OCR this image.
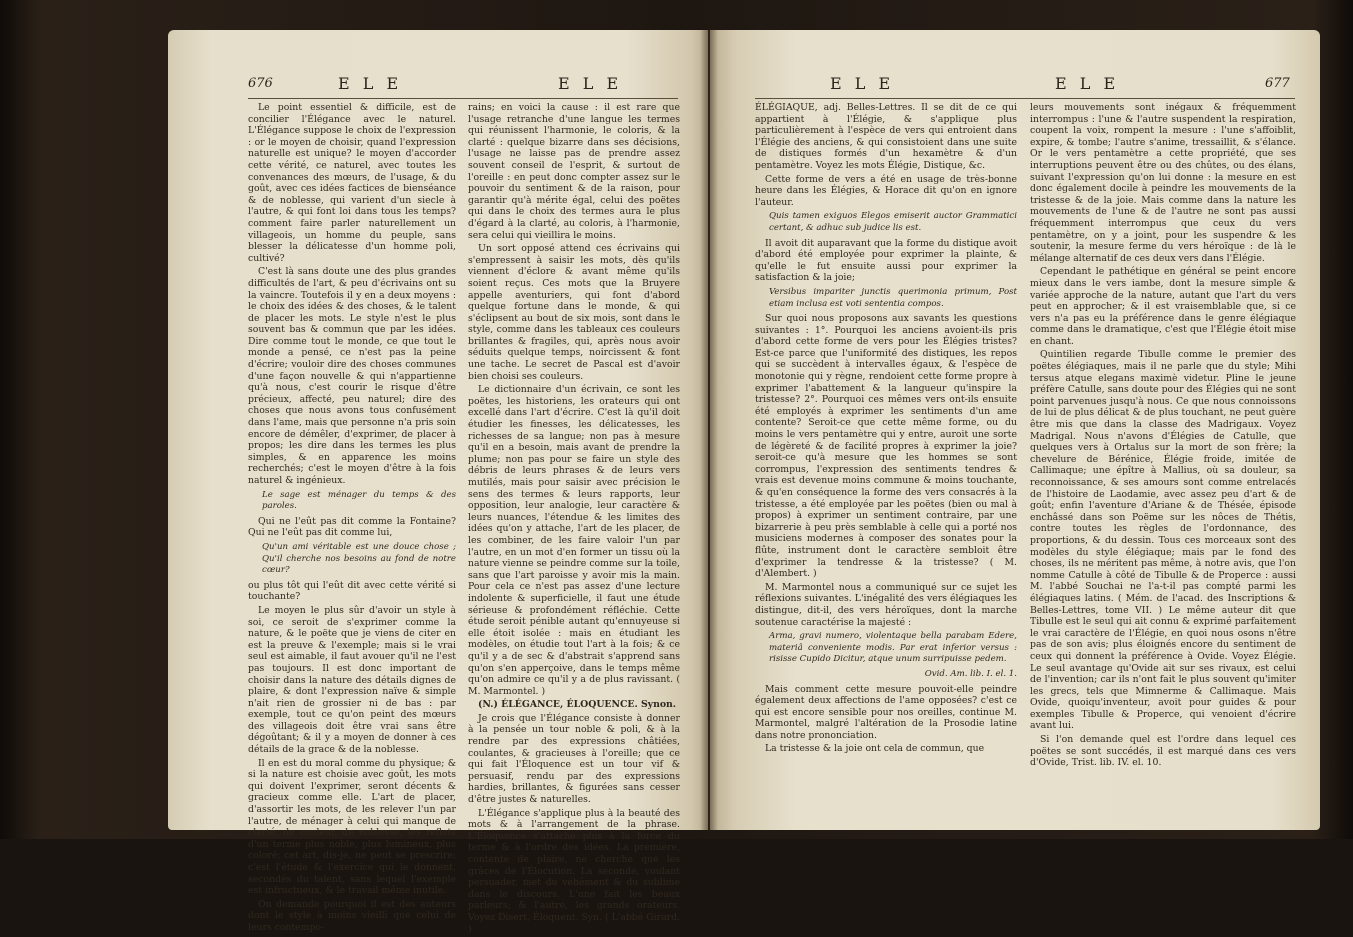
676	E L E	E L E

Le point essentiel & difficile, est de concilier l'Élégance avec le naturel. L'Élégance suppose le choix de l'expression : or le moyen de choisir, quand l'expression naturelle est unique? le moyen d'accorder cette vérité, ce naturel, avec toutes les convenances des mœurs, de l'usage, & du goût, avec ces idées factices de bienséance & de noblesse, qui varient d'un siecle à l'autre, & qui font loi dans tous les temps? comment faire parler naturellement un villageois, un homme du peuple, sans blesser la délicatesse d'un homme poli, cultivé?

C'est là sans doute une des plus grandes difficultés de l'art, & peu d'écrivains ont su la vaincre. Toutefois il y en a deux moyens : le choix des idées & des choses, & le talent de placer les mots. Le style n'est le plus souvent bas & commun que par les idées. Dire comme tout le monde, ce que tout le monde a pensé, ce n'est pas la peine d'écrire; vouloir dire des choses communes d'une façon nouvelle & qui n'appartienne qu'à nous, c'est courir le risque d'être précieux, affecté, peu naturel; dire des choses que nous avons tous confusément dans l'ame, mais que personne n'a pris soin encore de démêler, d'exprimer, de placer à propos; les dire dans les termes les plus simples, & en apparence les moins recherchés; c'est le moyen d'être à la fois naturel & ingénieux.

Le sage est ménager du temps & des paroles.

Qui ne l'eût pas dit comme la Fontaine? Qui ne l'eût pas dit comme lui,

Qu'un ami véritable est une douce chose ; Qu'il cherche nos besoins au fond de notre cœur?

ou plus tôt qui l'eût dit avec cette vérité si touchante?

Le moyen le plus sûr d'avoir un style à soi, ce seroit de s'exprimer comme la nature, & le poëte que je viens de citer en est la preuve & l'exemple; mais si le vrai seul est aimable, il faut avouer qu'il ne l'est pas toujours. Il est donc important de choisir dans la nature des détails dignes de plaire, & dont l'expression naïve & simple n'ait rien de grossier ni de bas : par exemple, tout ce qu'on peint des mœurs des villageois doit être vrai sans être dégoûtant; & il y a moyen de donner à ces détails de la grace & de la noblesse.

Il en est du moral comme du physique; & si la nature est choisie avec goût, les mots qui doivent l'exprimer, seront décents & gracieux comme elle. L'art de placer, d'assortir les mots, de les relever l'un par l'autre, de ménager à celui qui manque de clarté, de couleur, de noblesse, les reflets d'un terme plus noble, plus lumineux, plus coloré; cet art, dis-je, ne peut se prescrire; c'est l'étude & l'exercice qui le donnent, secondés du talent, sans lequel l'exemple est infructueux, & le travail même inutile.

On demande pourquoi il est des auteurs dont le style à moins vieilli que celui de leurs contempo-

rains; en voici la cause : il est rare que l'usage retranche d'une langue les termes qui réunissent l'harmonie, le coloris, & la clarté : quelque bizarre dans ses décisions, l'usage ne laisse pas de prendre assez souvent conseil de l'esprit, & surtout de l'oreille : en peut donc compter assez sur le pouvoir du sentiment & de la raison, pour garantir qu'à mérite égal, celui des poëtes qui dans le choix des termes aura le plus d'égard à la clarté, au coloris, à l'harmonie, sera celui qui vieillira le moins.

Un sort opposé attend ces écrivains qui s'empressent à saisir les mots, dès qu'ils viennent d'éclore & avant même qu'ils soient reçus. Ces mots que la Bruyere appelle aventuriers, qui font d'abord quelque fortune dans le monde, & qui s'éclipsent au bout de six mois, sont dans le style, comme dans les tableaux ces couleurs brillantes & fragiles, qui, après nous avoir séduits quelque temps, noircissent & font une tache. Le secret de Pascal est d'avoir bien choisi ses couleurs.

Le dictionnaire d'un écrivain, ce sont les poëtes, les historiens, les orateurs qui ont excellé dans l'art d'écrire. C'est là qu'il doit étudier les finesses, les délicatesses, les richesses de sa langue; non pas à mesure qu'il en a besoin, mais avant de prendre la plume; non pas pour se faire un style des débris de leurs phrases & de leurs vers mutilés, mais pour saisir avec précision le sens des termes & leurs rapports, leur opposition, leur analogie, leur caractère & leurs nuances, l'étendue & les limites des idées qu'on y attache, l'art de les placer, de les combiner, de les faire valoir l'un par l'autre, en un mot d'en former un tissu où la nature vienne se peindre comme sur la toile, sans que l'art paroisse y avoir mis la main. Pour cela ce n'est pas assez d'une lecture indolente & superficielle, il faut une étude sérieuse & profondément réfléchie. Cette étude seroit pénible autant qu'ennuyeuse si elle étoit isolée : mais en étudiant les modèles, on étudie tout l'art à la fois; & ce qu'il y a de sec & d'abstrait s'apprend sans qu'on s'en apperçoive, dans le temps même qu'on admire ce qu'il y a de plus ravissant. ( M. Marmontel. )

(N.) ÉLÉGANCE, ÉLOQUENCE. Synon.

Je crois que l'Élégance consiste à donner à la pensée un tour noble & poli, & à la rendre par des expressions châtiées, coulantes, & gracieuses à l'oreille; que ce qui fait l'Éloquence est un tour vif & persuasif, rendu par des expressions hardies, brillantes, & figurées sans cesser d'être justes & naturelles.

L'Élégance s'applique plus à la beauté des mots & à l'arrangement de la phrase. L'Éloquence s'attache plus à la force du terme & à l'ordre des idées. La première, contente de plaire, ne cherche que les grâces de l'Élocution. La seconde, voulant persuader, met du véhément & du sublime dans le discours. L'une fait les beaux parleurs; & l'autre, les grands orateurs. Voyez Disert, Éloquent. Syn. ( L'abbé Girard. )

E L E	E L E	677

ÉLÉGIAQUE, adj. Belles-Lettres. Il se dit de ce qui appartient à l'Élégie, & s'applique plus particulièrement à l'espèce de vers qui entroient dans l'Élégie des anciens, & qui consistoient dans une suite de distiques formés d'un hexamètre & d'un pentamètre. Voyez les mots Élégie, Distique, &c.

Cette forme de vers a été en usage de très-bonne heure dans les Élégies, & Horace dit qu'on en ignore l'auteur.

Quis tamen exiguos Elegos emiserit auctor Grammatici certant, & adhuc sub judice lis est.

Il avoit dit auparavant que la forme du distique avoit d'abord été employée pour exprimer la plainte, & qu'elle le fut ensuite aussi pour exprimer la satisfaction & la joie;

Versibus impariter junctis querimonia primum, Post etiam inclusa est voti sententia compos.

Sur quoi nous proposons aux savants les questions suivantes : 1°. Pourquoi les anciens avoient-ils pris d'abord cette forme de vers pour les Élégies tristes? Est-ce parce que l'uniformité des distiques, les repos qui se succèdent à intervalles égaux, & l'espèce de monotonie qui y règne, rendoient cette forme propre à exprimer l'abattement & la langueur qu'inspire la tristesse? 2°. Pourquoi ces mêmes vers ont-ils ensuite été employés à exprimer les sentiments d'un ame contente? Seroit-ce que cette même forme, ou du moins le vers pentamètre qui y entre, auroit une sorte de légèreté & de facilité propres à exprimer la joie? seroit-ce qu'à mesure que les hommes se sont corrompus, l'expression des sentiments tendres & vrais est devenue moins commune & moins touchante, & qu'en conséquence la forme des vers consacrés à la tristesse, a été employée par les poëtes (bien ou mal à propos) à exprimer un sentiment contraire, par une bizarrerie à peu près semblable à celle qui a porté nos musiciens modernes à composer des sonates pour la flûte, instrument dont le caractère sembloit être d'exprimer la tendresse & la tristesse? ( M. d'Alembert. )

M. Marmontel nous a communiqué sur ce sujet les réflexions suivantes. L'inégalité des vers élégiaques les distingue, dit-il, des vers héroïques, dont la marche soutenue caractérise la majesté :

Arma, gravi numero, violentaque bella parabam Edere, materiâ conveniente modis. Par erat inferior versus : risisse Cupido Dicitur, atque unum surripuisse pedem.

Ovid. Am. lib. I. el. 1.

Mais comment cette mesure pouvoit-elle peindre également deux affections de l'ame opposées? c'est ce qui est encore sensible pour nos oreilles, continue M. Marmontel, malgré l'altération de la Prosodie latine dans notre prononciation.

La tristesse & la joie ont cela de commun, que

leurs mouvements sont inégaux & fréquemment interrompus : l'une & l'autre suspendent la respiration, coupent la voix, rompent la mesure : l'une s'affoiblit, expire, & tombe; l'autre s'anime, tressaillit, & s'élance. Or le vers pentamètre a cette propriété, que ses interruptions peuvent être ou des chûtes, ou des élans, suivant l'expression qu'on lui donne : la mesure en est donc également docile à peindre les mouvements de la tristesse & de la joie. Mais comme dans la nature les mouvements de l'une & de l'autre ne sont pas aussi fréquemment interrompus que ceux du vers pentamètre, on y a joint, pour les suspendre & les soutenir, la mesure ferme du vers héroïque : de là le mélange alternatif de ces deux vers dans l'Élégie.

Cependant le pathétique en général se peint encore mieux dans le vers iambe, dont la mesure simple & variée approche de la nature, autant que l'art du vers peut en approcher; & il est vraisemblable que, si ce vers n'a pas eu la préférence dans le genre élégiaque comme dans le dramatique, c'est que l'Élégie étoit mise en chant.

Quintilien regarde Tibulle comme le premier des poëtes élégiaques, mais il ne parle que du style; Mihi tersus atque elegans maximè videtur. Pline le jeune préfère Catulle, sans doute pour des Élégies qui ne sont point parvenues jusqu'à nous. Ce que nous connoissons de lui de plus délicat & de plus touchant, ne peut guère être mis que dans la classe des Madrigaux. Voyez Madrigal. Nous n'avons d'Élégies de Catulle, que quelques vers à Ortalus sur la mort de son frère; la chevelure de Bérénice, Élégie froide, imitée de Callimaque; une épître à Mallius, où sa douleur, sa reconnoissance, & ses amours sont comme entrelacés de l'histoire de Laodamie, avec assez peu d'art & de goût; enfin l'aventure d'Ariane & de Thésée, épisode enchâssé dans son Poëme sur les nôces de Thétis, contre toutes les règles de l'ordonnance, des proportions, & du dessin. Tous ces morceaux sont des modèles du style élégiaque; mais par le fond des choses, ils ne méritent pas même, à notre avis, que l'on nomme Catulle à côté de Tibulle & de Properce : aussi M. l'abbé Souchai ne l'a-t-il pas compté parmi les élégiaques latins. ( Mém. de l'acad. des Inscriptions & Belles-Lettres, tome VII. ) Le même auteur dit que Tibulle est le seul qui ait connu & exprimé parfaitement le vrai caractère de l'Élégie, en quoi nous osons n'être pas de son avis; plus éloignés encore du sentiment de ceux qui donnent la préférence à Ovide. Voyez Élégie. Le seul avantage qu'Ovide ait sur ses rivaux, est celui de l'invention; car ils n'ont fait le plus souvent qu'imiter les grecs, tels que Mimnerme & Callimaque. Mais Ovide, quoiqu'inventeur, avoit pour guides & pour exemples Tibulle & Properce, qui venoient d'écrire avant lui.

Si l'on demande quel est l'ordre dans lequel ces poëtes se sont succédés, il est marqué dans ces vers d'Ovide, Trist. lib. IV. el. 10.
